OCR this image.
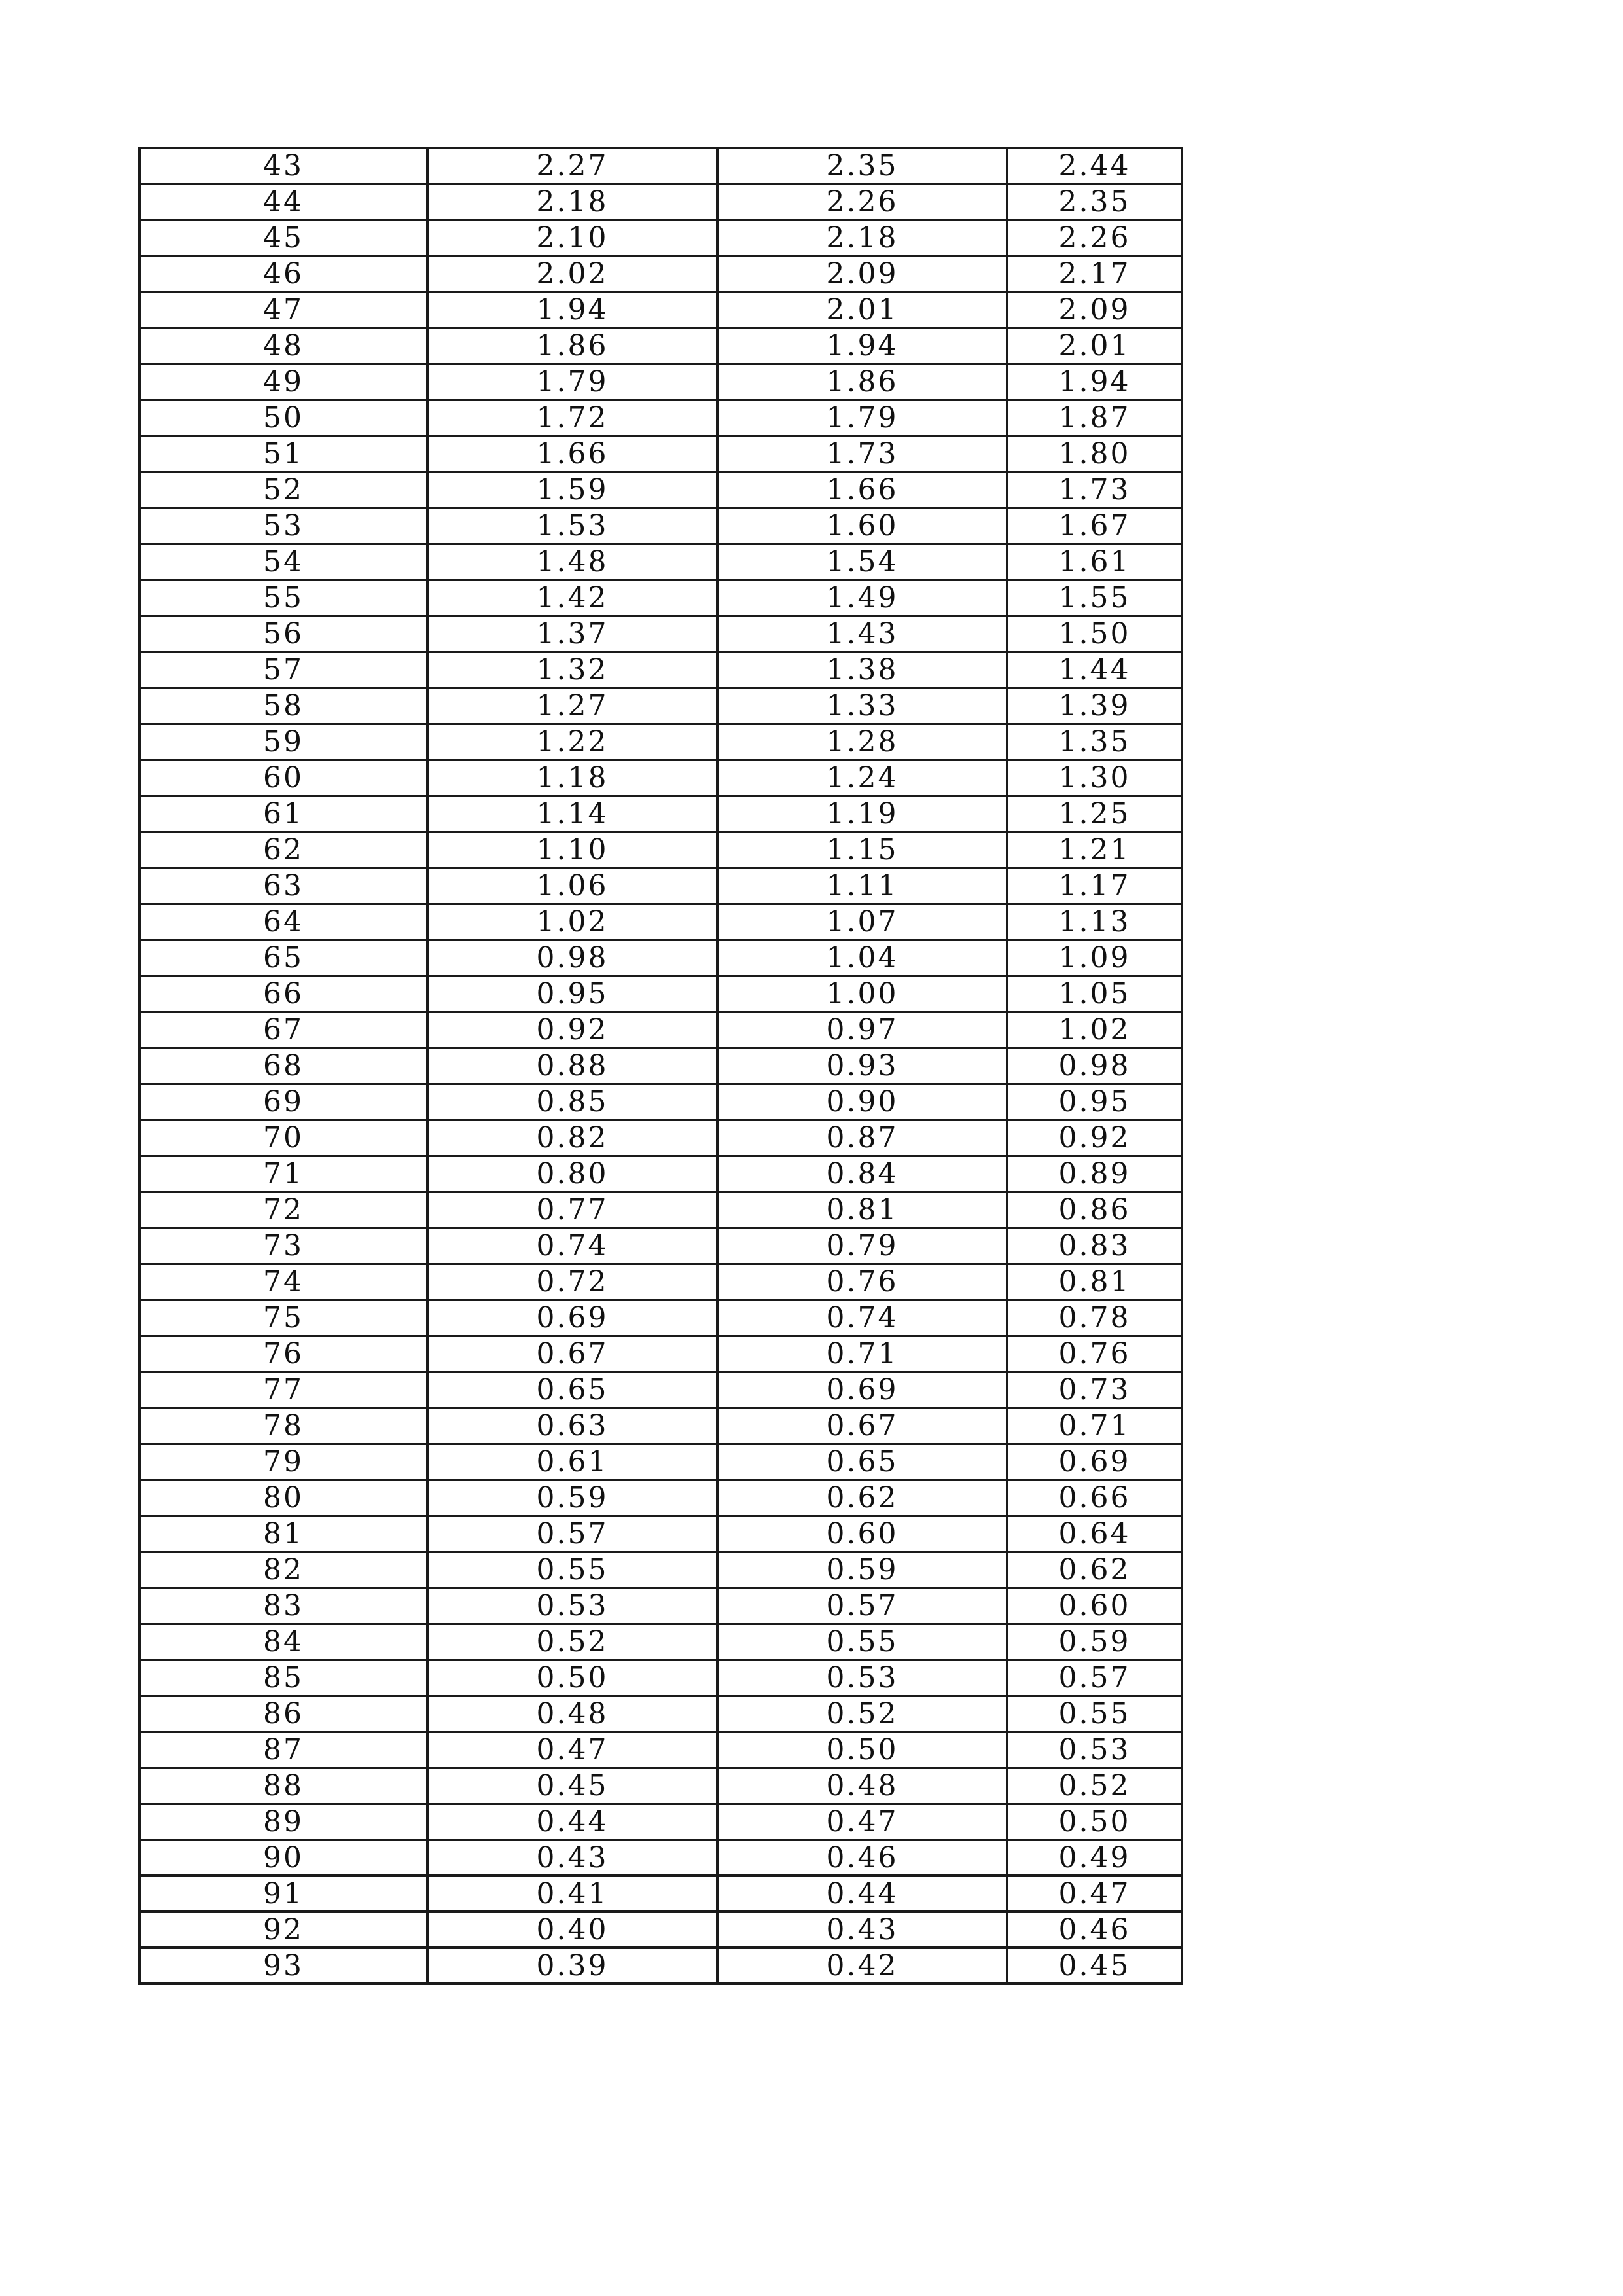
43	2.27	2.35	2.44
44	2.18	2.26	2.35
45	2.10	2.18	2.26
46	2.02	2.09	2.17
47	1.94	2.01	2.09
48	1.86	1.94	2.01
49	1.79	1.86	1.94
50	1.72	1.79	1.87
51	1.66	1.73	1.80
52	1.59	1.66	1.73
53	1.53	1.60	1.67
54	1.48	1.54	1.61
55	1.42	1.49	1.55
56	1.37	1.43	1.50
57	1.32	1.38	1.44
58	1.27	1.33	1.39
59	1.22	1.28	1.35
60	1.18	1.24	1.30
61	1.14	1.19	1.25
62	1.10	1.15	1.21
63	1.06	1.11	1.17
64	1.02	1.07	1.13
65	0.98	1.04	1.09
66	0.95	1.00	1.05
67	0.92	0.97	1.02
68	0.88	0.93	0.98
69	0.85	0.90	0.95
70	0.82	0.87	0.92
71	0.80	0.84	0.89
72	0.77	0.81	0.86
73	0.74	0.79	0.83
74	0.72	0.76	0.81
75	0.69	0.74	0.78
76	0.67	0.71	0.76
77	0.65	0.69	0.73
78	0.63	0.67	0.71
79	0.61	0.65	0.69
80	0.59	0.62	0.66
81	0.57	0.60	0.64
82	0.55	0.59	0.62
83	0.53	0.57	0.60
84	0.52	0.55	0.59
85	0.50	0.53	0.57
86	0.48	0.52	0.55
87	0.47	0.50	0.53
88	0.45	0.48	0.52
89	0.44	0.47	0.50
90	0.43	0.46	0.49
91	0.41	0.44	0.47
92	0.40	0.43	0.46
93	0.39	0.42	0.45
